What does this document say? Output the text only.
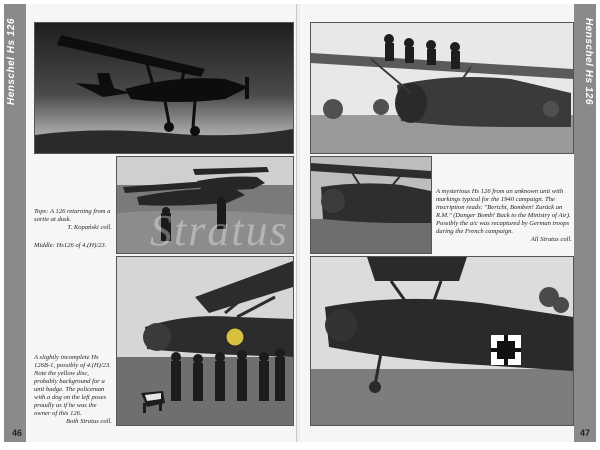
Henschel Hs 126
Tops: A 126 returning from a sortie at dusk.

T. Kopański coll.
Middle: Hs126 of 4.(H)/23.
A slightly incomplete Hs 126B-1, possibly of 4.(H)/23. Note the yellow disc, probably background for a unit badge. The policeman with a dog on the left poses proudly as if he was the owner of this 126.

Both Stratus coll.
46
Henschel Hs 126
A mysterious Hs 126 from an unknown unit with markings typical for the 1940 campaign. The inscription reads: "Bericht, Bomben! Zurück an R.M." (Danger Bomb! Back to the Ministry of Air). Possibly the a/c was recaptured by German troops during the French campaign.

All Stratus coll.
47
Stratus
